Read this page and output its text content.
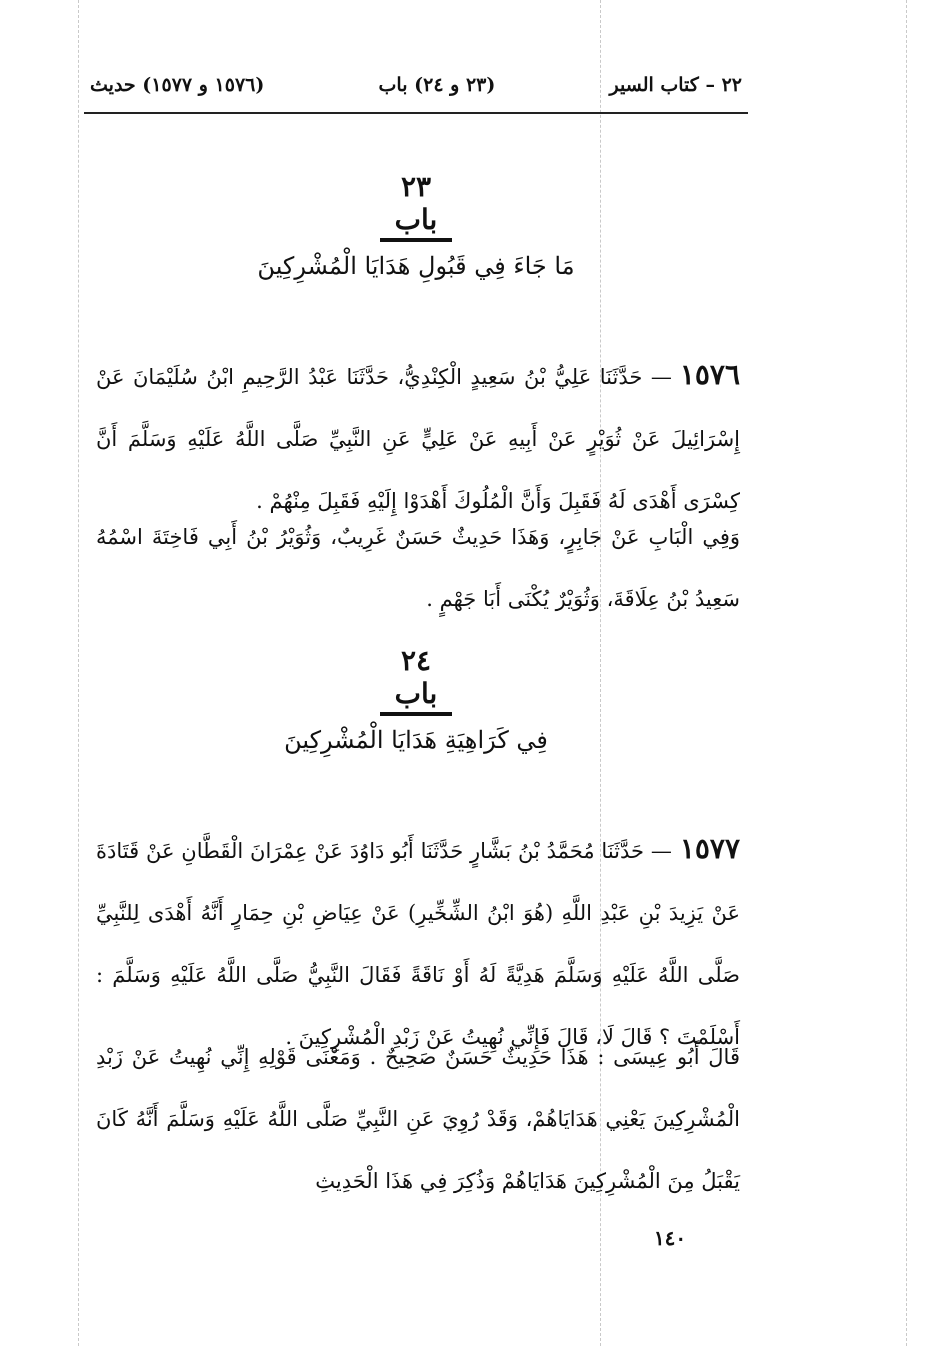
٢٢ – كتاب السير
(٢٣ و ٢٤) باب
(١٥٧٦ و ١٥٧٧) حديث
٢٣
باب
مَا جَاءَ فِي قَبُولِ هَدَايَا الْمُشْرِكِينَ
١٥٧٦— حَدَّثَنَا عَلِيُّ بْنُ سَعِيدٍ الْكِنْدِيُّ، حَدَّثَنَا عَبْدُ الرَّحِيمِ ابْنُ سُلَيْمَانَ عَنْ إِسْرَائِيلَ عَنْ ثُوَيْرٍ عَنْ أَبِيهِ عَنْ عَلِيٍّ عَنِ النَّبِيِّ صَلَّى اللَّهُ عَلَيْهِ وَسَلَّمَ أَنَّ كِسْرَى أَهْدَى لَهُ فَقَبِلَ وَأَنَّ الْمُلُوكَ أَهْدَوْا إِلَيْهِ فَقَبِلَ مِنْهُمْ .
وَفِي الْبَابِ عَنْ جَابِرٍ، وَهَذَا حَدِيثٌ حَسَنٌ غَرِيبٌ، وَثُوَيْرُ بْنُ أَبِي فَاخِتَةَ اسْمُهُ سَعِيدُ بْنُ عِلَاقَةَ، وَثُوَيْرٌ يُكْنَى أَبَا جَهْمٍ .
٢٤
باب
فِي كَرَاهِيَةِ هَدَايَا الْمُشْرِكِينَ
١٥٧٧— حَدَّثَنَا مُحَمَّدُ بْنُ بَشَّارٍ حَدَّثَنَا أَبُو دَاوُدَ عَنْ عِمْرَانَ الْقَطَّانِ عَنْ قَتَادَةَ عَنْ يَزِيدَ بْنِ عَبْدِ اللَّهِ (هُوَ ابْنُ الشِّخِّيرِ) عَنْ عِيَاضِ بْنِ حِمَارٍ أَنَّهُ أَهْدَى لِلنَّبِيِّ صَلَّى اللَّهُ عَلَيْهِ وَسَلَّمَ هَدِيَّةً لَهُ أَوْ نَاقَةً فَقَالَ النَّبِيُّ صَلَّى اللَّهُ عَلَيْهِ وَسَلَّمَ : أَسْلَمْتَ ؟ قَالَ لَا، قَالَ فَإِنِّي نُهِيتُ عَنْ زَبْدِ الْمُشْرِكِينَ .
قَالَ أَبُو عِيسَى : هَذَا حَدِيثٌ حَسَنٌ صَحِيحٌ . وَمَعْنَى قَوْلِهِ إِنِّي نُهِيتُ عَنْ زَبْدِ الْمُشْرِكِينَ يَعْنِي هَدَايَاهُمْ، وَقَدْ رُوِيَ عَنِ النَّبِيِّ صَلَّى اللَّهُ عَلَيْهِ وَسَلَّمَ أَنَّهُ كَانَ يَقْبَلُ مِنَ الْمُشْرِكِينَ هَدَايَاهُمْ وَذُكِرَ فِي هَذَا الْحَدِيثِ
١٤٠
